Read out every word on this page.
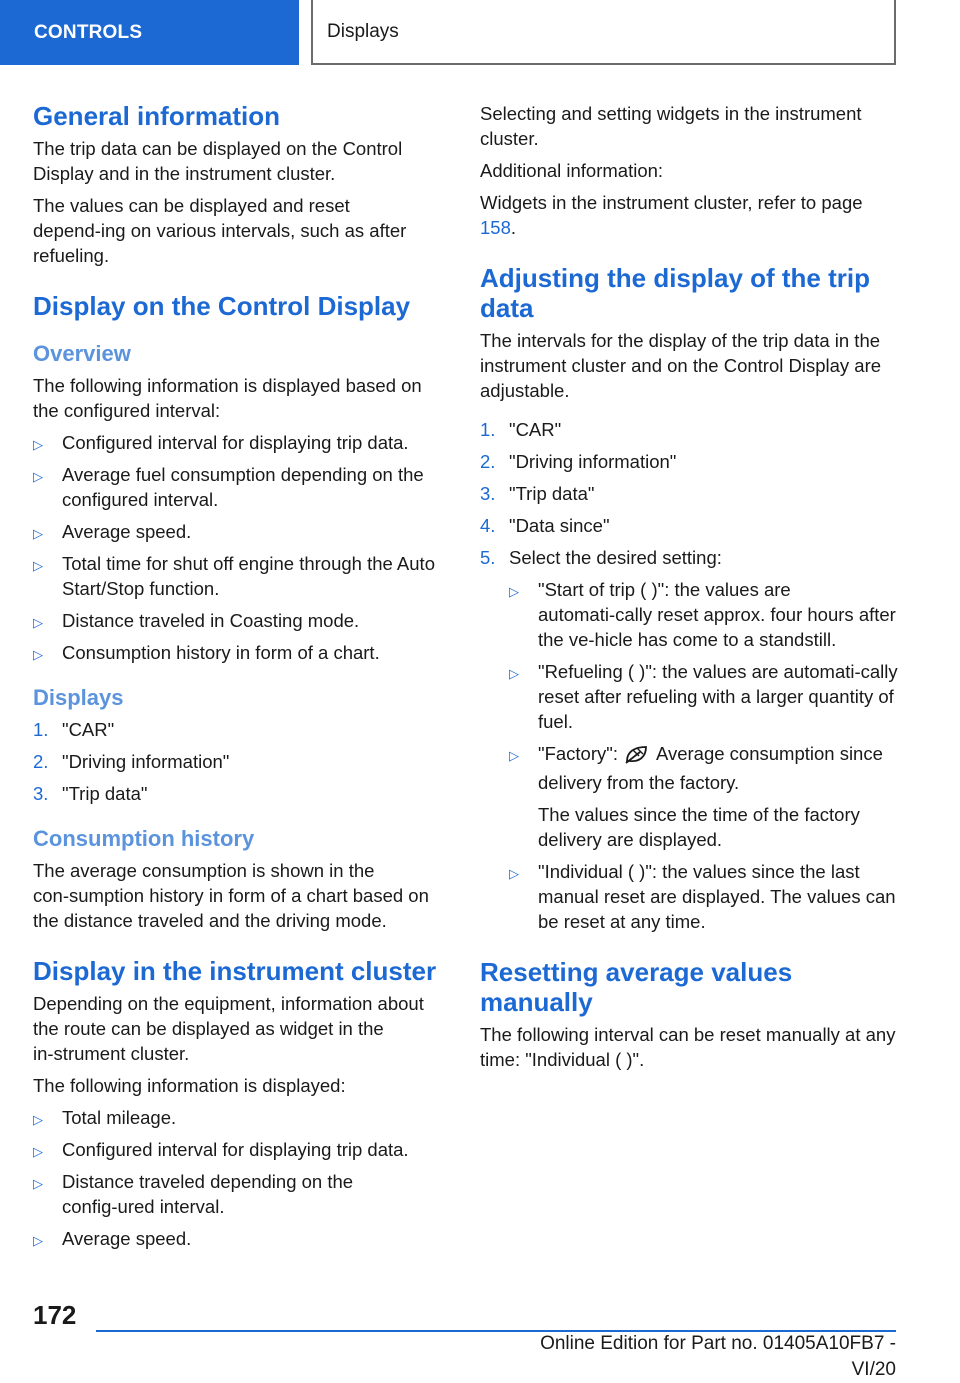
CONTROLS	Displays
General information

The trip data can be displayed on the Control Display and in the instrument cluster.

The values can be displayed and reset depend‑ing on various intervals, such as after refueling.

Display on the Control Display
Overview

The following information is displayed based on the configured interval:

▷	Configured interval for displaying trip data.
▷	Average fuel consumption depending on the configured interval.
▷	Average speed.
▷	Total time for shut off engine through the Auto Start/Stop function.
▷	Distance traveled in Coasting mode.
▷	Consumption history in form of a chart.
Displays
1. "CAR"
2. "Driving information"
3. "Trip data"
Consumption history

The average consumption is shown in the con‑sumption history in form of a chart based on the distance traveled and the driving mode.

Display in the instrument cluster

Depending on the equipment, information about the route can be displayed as widget in the in‑strument cluster.

The following information is displayed:

▷	Total mileage.
▷	Configured interval for displaying trip data.
▷	Distance traveled depending on the config‑ured interval.
▷	Average speed.

Selecting and setting widgets in the instrument cluster.

Additional information:

Widgets in the instrument cluster, refer to page 158.

Adjusting the display of the trip data

The intervals for the display of the trip data in the instrument cluster and on the Control Display are adjustable.

1. "CAR"
2. "Driving information"
3. "Trip data"
4. "Data since"
5. Select the desired setting:
▷	"Start of trip ( )": the values are automati‑cally reset approx. four hours after the ve‑hicle has come to a standstill.
▷	"Refueling ( )": the values are automati‑cally reset after refueling with a larger quantity of fuel.
▷	"Factory": Average consumption since delivery from the factory.

The values since the time of the factory delivery are displayed.

▷	"Individual ( )": the values since the last manual reset are displayed. The values can be reset at any time.
Resetting average values manually

The following interval can be reset manually at any time: "Individual ( )".

172
Online Edition for Part no. 01405A10FB7 - VI/20
